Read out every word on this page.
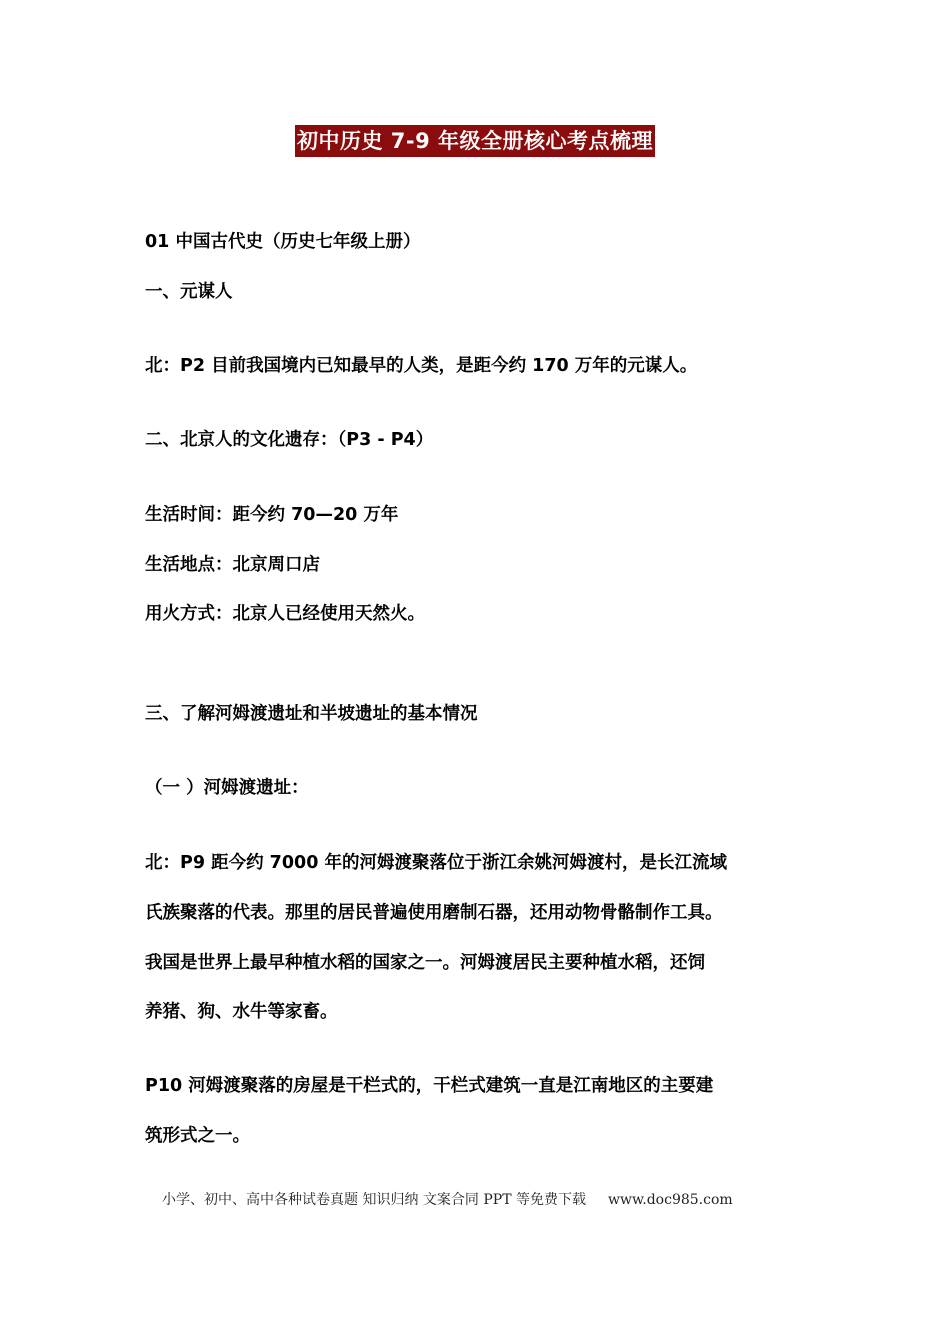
初中历史 7-9 年级全册核心考点梳理
01 中国古代史（历史七年级上册）
一、元谋人
北：P2 目前我国境内已知最早的人类，是距今约 170 万年的元谋人。
二、北京人的文化遗存：（P3 - P4）
生活时间：距今约 70—20 万年
生活地点：北京周口店
用火方式：北京人已经使用天然火。
三、了解河姆渡遗址和半坡遗址的基本情况
（一 ）河姆渡遗址：
北：P9 距今约 7000 年的河姆渡聚落位于浙江余姚河姆渡村，是长江流域
氏族聚落的代表。那里的居民普遍使用磨制石器，还用动物骨骼制作工具。
我国是世界上最早种植水稻的国家之一。河姆渡居民主要种植水稻，还饲
养猪、狗、水牛等家畜。
P10 河姆渡聚落的房屋是干栏式的，干栏式建筑一直是江南地区的主要建
筑形式之一。
小学、初中、高中各种试卷真题 知识归纳 文案合同 PPT 等免费下载 www.doc985.com
